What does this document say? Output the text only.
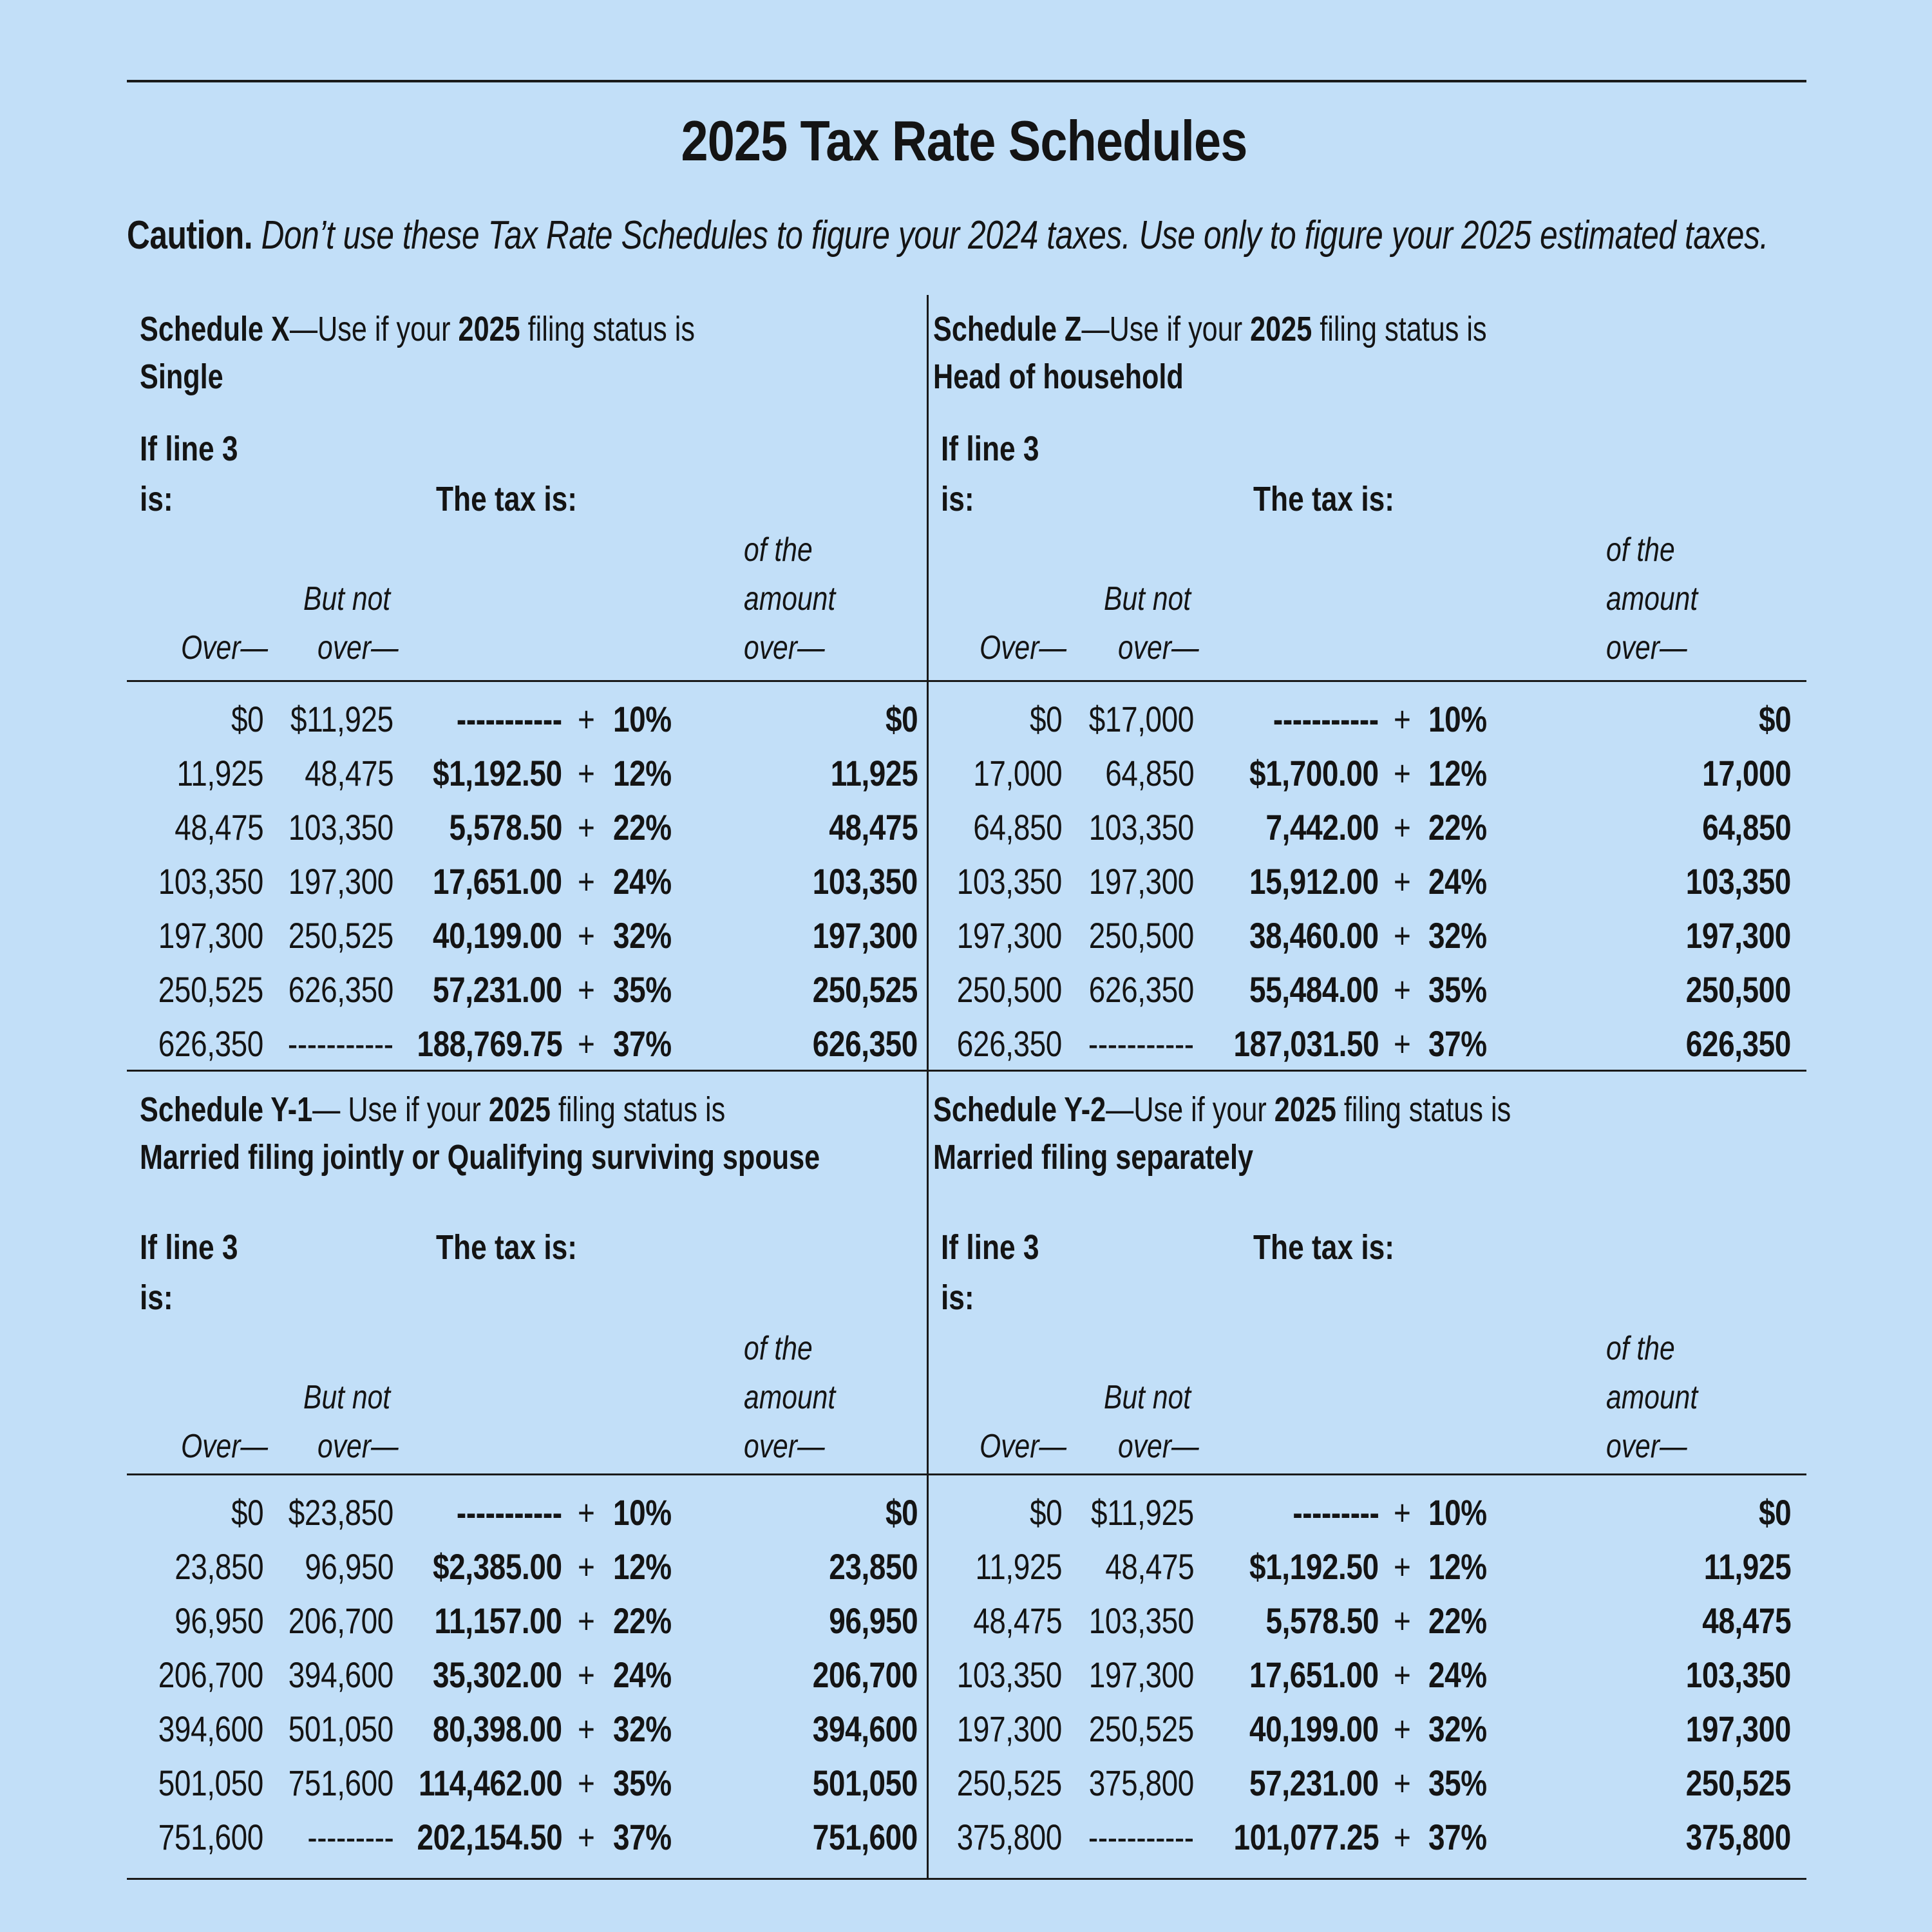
2025 Tax Rate Schedules
Caution. Don’t use these Tax Rate Schedules to figure your 2024 taxes. Use only to figure your 2025 estimated taxes.
Schedule X—Use if your 2025 filing status is
Single
If line 3
is:	The tax is:
of the
amount
over—
But not
over—
Over—
$0 $11,925 ----------- + 10%	$0
11,925 48,475 $1,192.50 + 12%	11,925
48,475 103,350 5,578.50 + 22%	48,475
103,350 197,300 17,651.00 + 24%	103,350
197,300 250,525 40,199.00 + 32%	197,300
250,525 626,350 57,231.00 + 35%	250,525
626,350 ----------- 188,769.75 + 37%	626,350
Schedule Z—Use if your 2025 filing status is
Head of household
If line 3
is:	The tax is:
of the
amount
over—
But not
over—
Over—
$0 $17,000 ----------- + 10%	$0
17,000 64,850 $1,700.00 + 12%	17,000
64,850 103,350 7,442.00 + 22%	64,850
103,350 197,300 15,912.00 + 24%	103,350
197,300 250,500 38,460.00 + 32%	197,300
250,500 626,350 55,484.00 + 35%	250,500
626,350 ----------- 187,031.50 + 37%	626,350
Schedule Y-1— Use if your 2025 filing status is
Married filing jointly or Qualifying surviving spouse
If line 3
is:
The tax is:
of the
amount
over—
But not
over—
Over—
$0 $23,850 ----------- + 10%	$0
23,850 96,950 $2,385.00 + 12%	23,850
96,950 206,700 11,157.00 + 22%	96,950
206,700 394,600 35,302.00 + 24%	206,700
394,600 501,050 80,398.00 + 32%	394,600
501,050 751,600 114,462.00 + 35%	501,050
751,600 --------- 202,154.50 + 37%	751,600
Schedule Y-2—Use if your 2025 filing status is
Married filing separately
If line 3
is:
The tax is:
of the
amount
over—
But not
over—
Over—
$0 $11,925	--------- + 10%	$0
11,925 48,475 $1,192.50 + 12%	11,925
48,475 103,350 5,578.50 + 22%	48,475
103,350 197,300 17,651.00 + 24%	103,350
197,300 250,525 40,199.00 + 32%	197,300
250,525 375,800 57,231.00 + 35%	250,525
375,800 ----------- 101,077.25 + 37%	375,800
